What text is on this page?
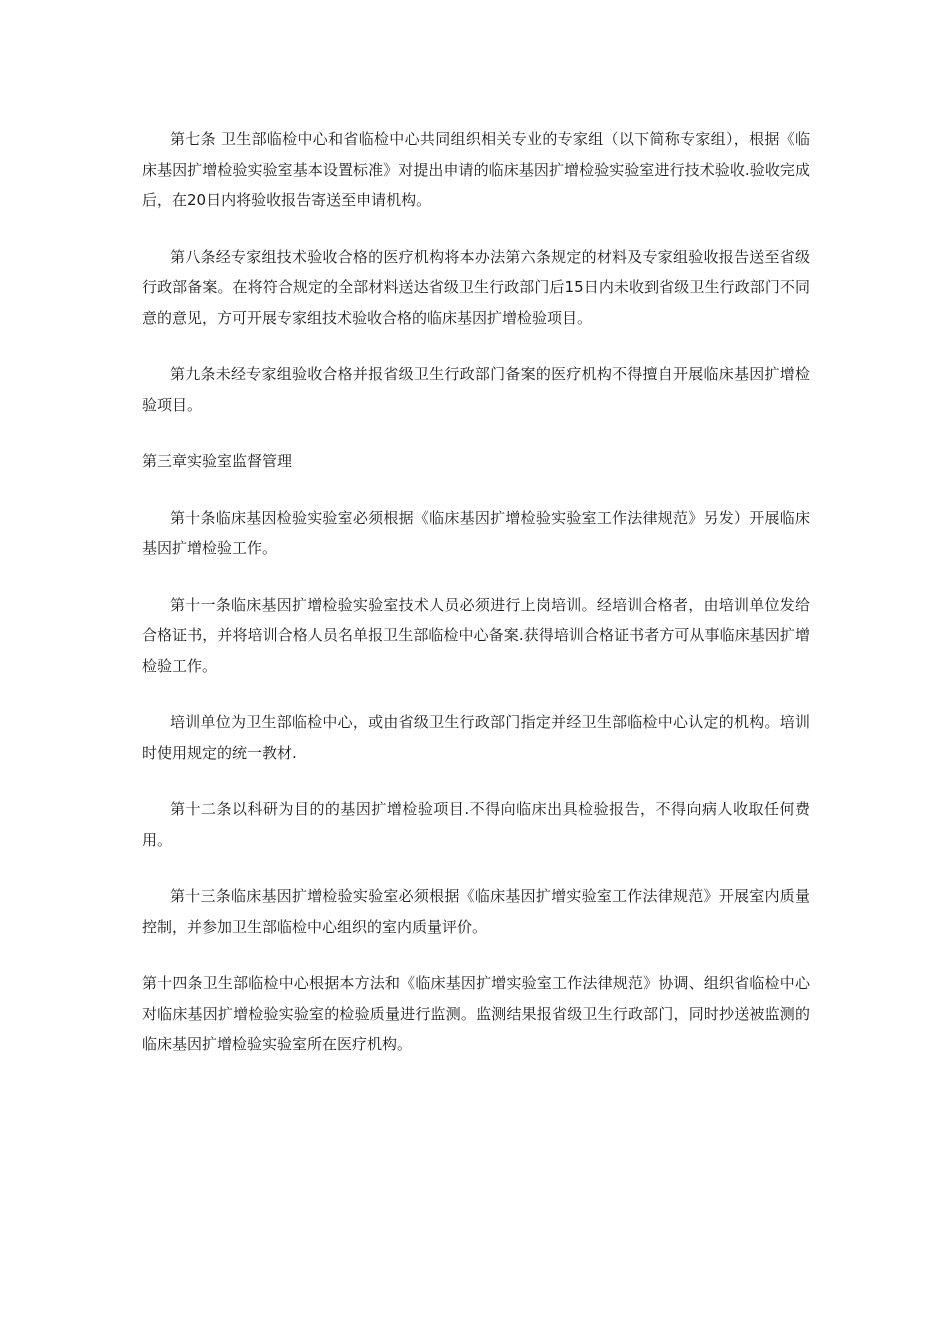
第七条 卫生部临检中心和省临检中心共同组织相关专业的专家组（以下简称专家组），根据《临床基因扩增检验实验室基本设置标准》对提出申请的临床基因扩增检验实验室进行技术验收.验收完成后，在20日内将验收报告寄送至申请机构。

第八条经专家组技术验收合格的医疗机构将本办法第六条规定的材料及专家组验收报告送至省级行政部备案。在将符合规定的全部材料送达省级卫生行政部门后15日内未收到省级卫生行政部门不同意的意见，方可开展专家组技术验收合格的临床基因扩增检验项目。

第九条未经专家组验收合格并报省级卫生行政部门备案的医疗机构不得擅自开展临床基因扩增检验项目。

第三章实验室监督管理

第十条临床基因检验实验室必须根据《临床基因扩增检验实验室工作法律规范》另发）开展临床基因扩增检验工作。

第十一条临床基因扩增检验实验室技术人员必须进行上岗培训。经培训合格者，由培训单位发给合格证书，并将培训合格人员名单报卫生部临检中心备案.获得培训合格证书者方可从事临床基因扩增检验工作。

培训单位为卫生部临检中心，或由省级卫生行政部门指定并经卫生部临检中心认定的机构。培训时使用规定的统一教材.

第十二条以科研为目的的基因扩增检验项目.不得向临床出具检验报告，不得向病人收取任何费用。

第十三条临床基因扩增检验实验室必须根据《临床基因扩增实验室工作法律规范》开展室内质量控制，并参加卫生部临检中心组织的室内质量评价。

第十四条卫生部临检中心根据本方法和《临床基因扩增实验室工作法律规范》协调、组织省临检中心对临床基因扩增检验实验室的检验质量进行监测。监测结果报省级卫生行政部门，同时抄送被监测的临床基因扩增检验实验室所在医疗机构。
